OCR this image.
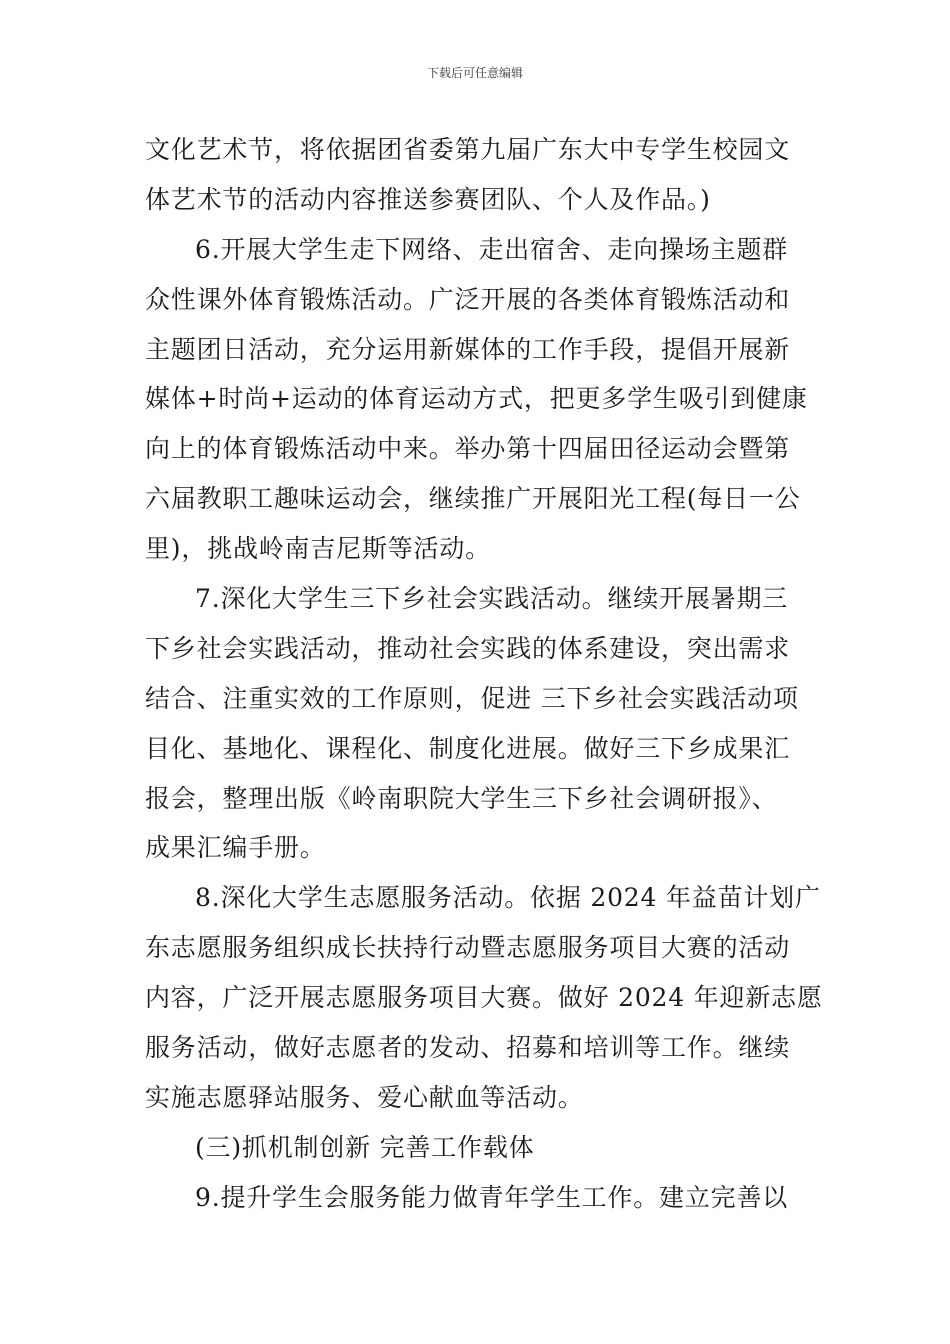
下载后可任意编辑
文化艺术节，将依据团省委第九届广东大中专学生校园文
体艺术节的活动内容推送参赛团队、个人及作品。)
6.开展大学生走下网络、走出宿舍、走向操场主题群
众性课外体育锻炼活动。广泛开展的各类体育锻炼活动和
主题团日活动，充分运用新媒体的工作手段，提倡开展新
媒体+时尚+运动的体育运动方式，把更多学生吸引到健康
向上的体育锻炼活动中来。举办第十四届田径运动会暨第
六届教职工趣味运动会，继续推广开展阳光工程(每日一公
里)，挑战岭南吉尼斯等活动。
7.深化大学生三下乡社会实践活动。继续开展暑期三
下乡社会实践活动，推动社会实践的体系建设，突出需求
结合、注重实效的工作原则，促进 三下乡社会实践活动项
目化、基地化、课程化、制度化进展。做好三下乡成果汇
报会，整理出版《岭南职院大学生三下乡社会调研报》、
成果汇编手册。
8.深化大学生志愿服务活动。依据 2024 年益苗计划广
东志愿服务组织成长扶持行动暨志愿服务项目大赛的活动
内容，广泛开展志愿服务项目大赛。做好 2024 年迎新志愿
服务活动，做好志愿者的发动、招募和培训等工作。继续
实施志愿驿站服务、爱心献血等活动。
(三)抓机制创新 完善工作载体
9.提升学生会服务能力做青年学生工作。建立完善以
